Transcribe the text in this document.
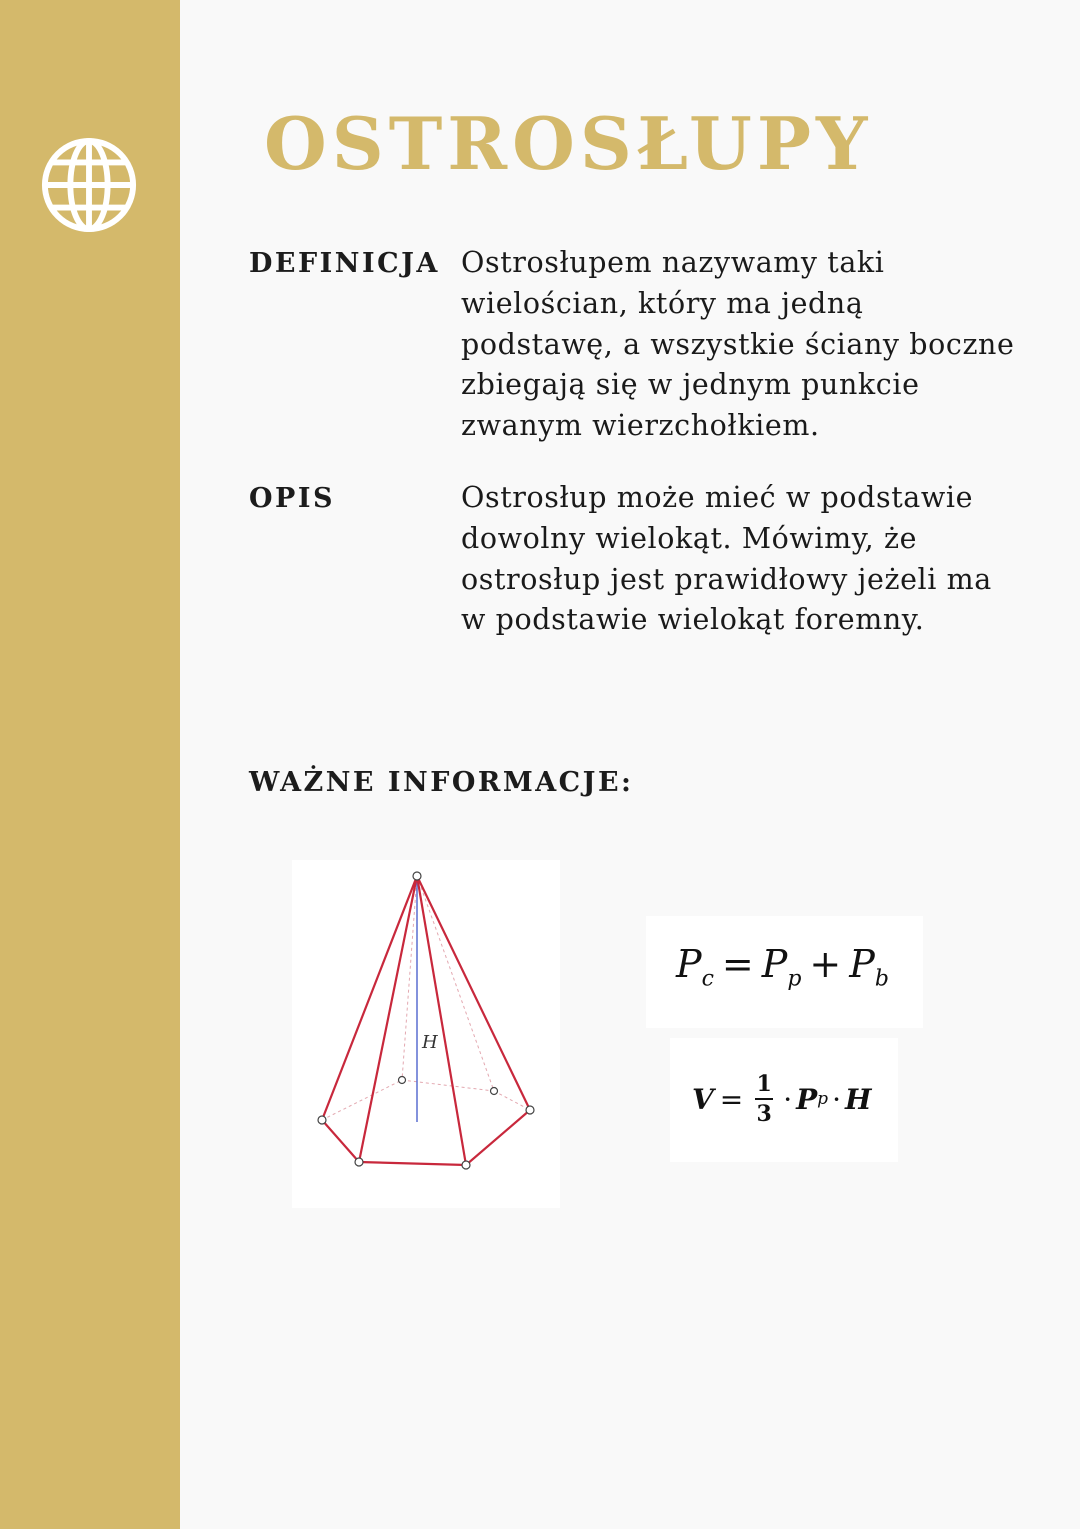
OSTROSŁUPY
DEFINICJA Ostrosłupem nazywamy taki
wielościan, który ma jedną
podstawę, a wszystkie ściany boczne
zbiegają się w jednym punkcie
zwanym wierzchołkiem.
OPIS	Ostrosłup może mieć w podstawie
dowolny wielokąt. Mówimy, że
ostrosłup jest prawidłowy jeżeli ma
w podstawie wielokąt foremny.
WAŻNE INFORMACJE:
H
$P_c = P_p + P_b$
$V = \frac{1}{3} \cdot P$ p · H
